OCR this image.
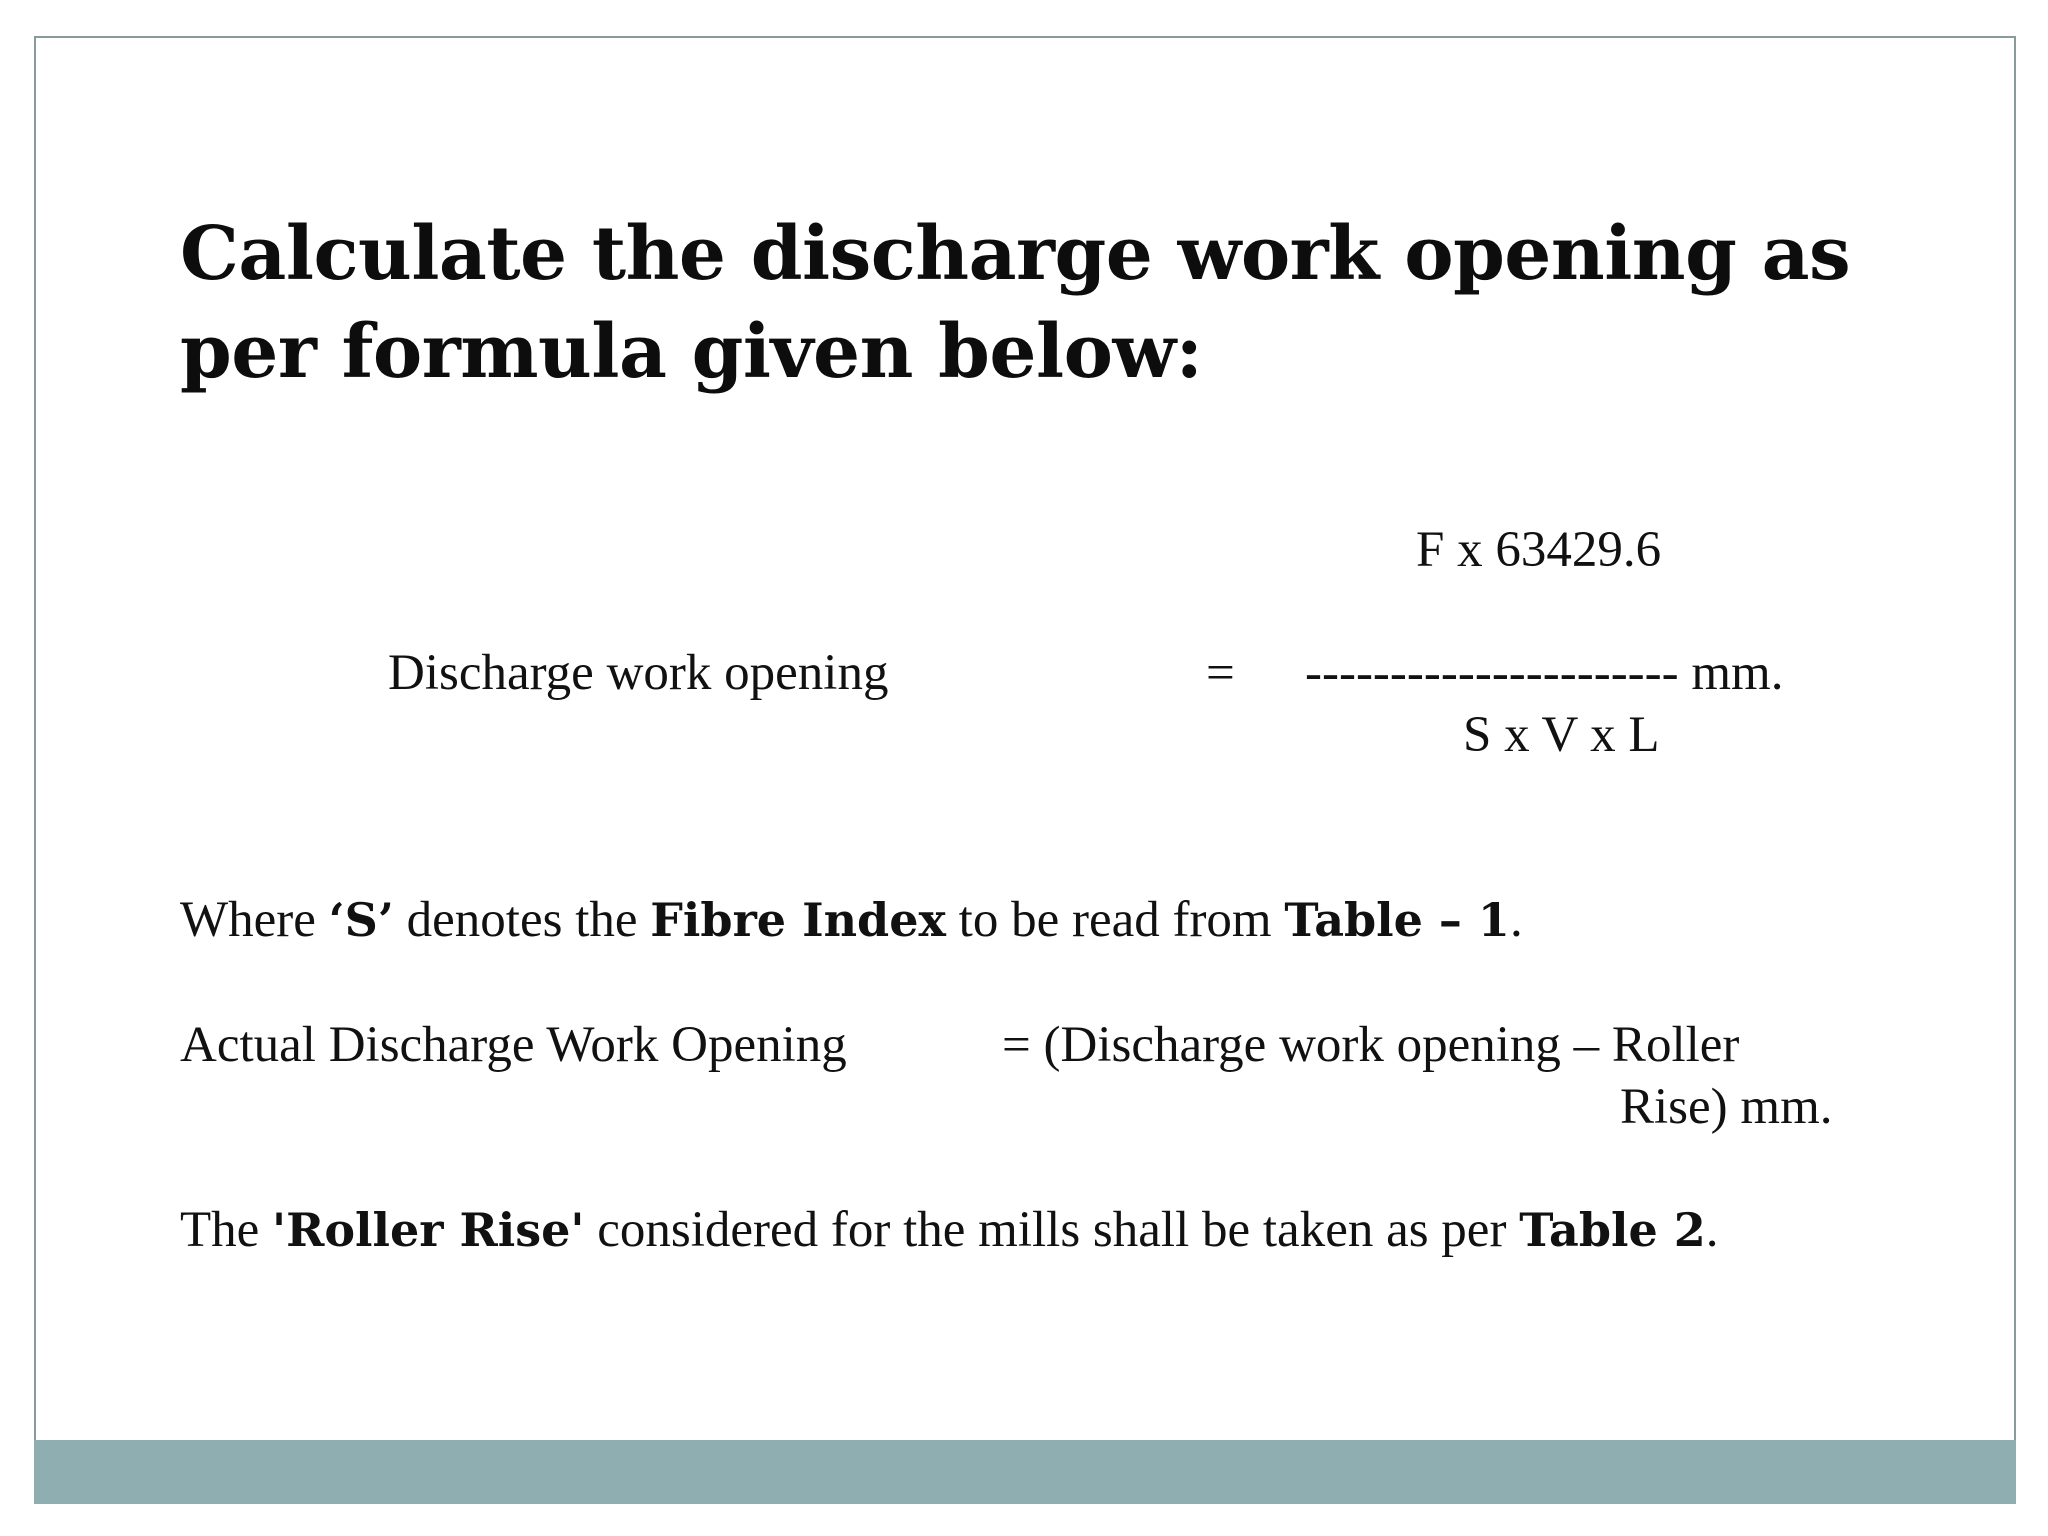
Calculate the discharge work opening as per formula given below:
F x 63429.6
Discharge work opening	= ---------------------- mm.
S x V x L
Where ‘S’ denotes the Fibre Index to be read from Table – 1.
Actual Discharge Work Opening	= (Discharge work opening – Roller
Rise) mm.
The 'Roller Rise' considered for the mills shall be taken as per Table 2.
